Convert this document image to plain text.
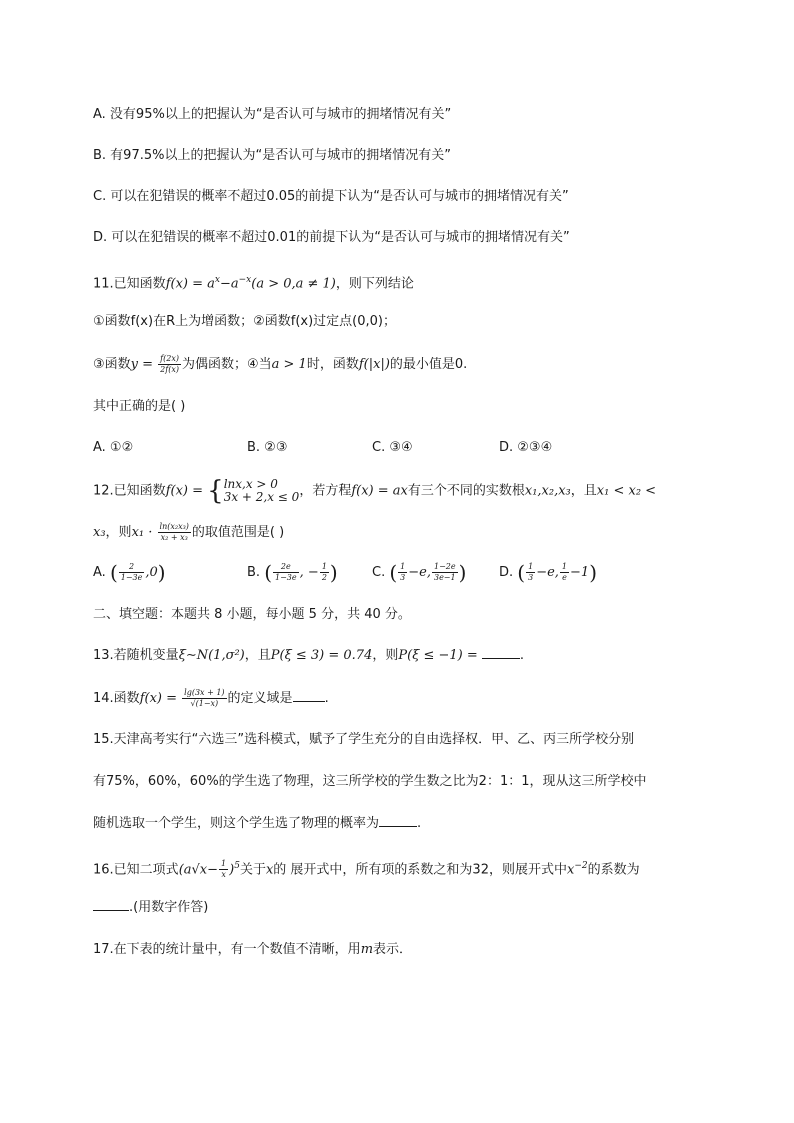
A. 没有95%以上的把握认为“是否认可与城市的拥堵情况有关”
B. 有97.5%以上的把握认为“是否认可与城市的拥堵情况有关”
C. 可以在犯错误的概率不超过0.05的前提下认为“是否认可与城市的拥堵情况有关”
D. 可以在犯错误的概率不超过0.01的前提下认为“是否认可与城市的拥堵情况有关”
11.已知函数$f(x) = a^x-a^{-x}(a > 0,a \ne 1)$，则下列结论
①函数f(x)在R上为增函数；②函数f(x)过定点(0,0)；
③函数$y = \frac{f(2x)}{2f(x)}$ 为偶函数；④当a > 1时，函数f(|x|)的最小值是0.
其中正确的是( )
A. ①②	B. ②③	C. ③④	D. ②③④
12.已知函数f(x) = { lnx,x > 0
3x + 2,x ≤ 0 ，若方程f(x) = ax有三个不同的实数根x₁,x₂,x₃，且x₁ < x₂ <
x₃，则$x_1 \cdot \frac{\text{ln(x₂x₃)}}{\text{x₂ + x₃}}$ 的取值范围是( )
A. ( $\frac{2}{1-3e} ,0$)	B. ( $\frac{2e}{1-3e}$ , − $\frac{1}{2}$ )	C. ( $\frac{1}{3} -e$, $\frac{1-2e}{3e-1}$ )	D. ( $\frac{1}{3} -e$, $\frac{1}{e} -1$)
二、填空题：本题共 8 小题，每小题 5 分，共 40 分。
13.若随机变量ξ∼N(1,σ²)，且P(ξ ≤ 3) = 0.74，则P(ξ ≤ −1) =	.
14.函数$f(x) = \frac{\lg(3x + 1)}{√(1-x)}$ 的定义域是 .
15.天津高考实行“六选三”选科模式，赋予了学生充分的自由选择权．甲、乙、丙三所学校分别
有75%，60%，60%的学生选了物理，这三所学校的学生数之比为2：1：1，现从这三所学校中
随机选取一个学生，则这个学生选了物理的概率为	.
16.已知二项式$(a√x- \frac{1}{x} )^5$关于x的 展开式中，所有项的系数之和为32，则展开式中$x^{-2}$的系数为
.(用数字作答)
17.在下表的统计量中，有一个数值不清晰，用m表示．
